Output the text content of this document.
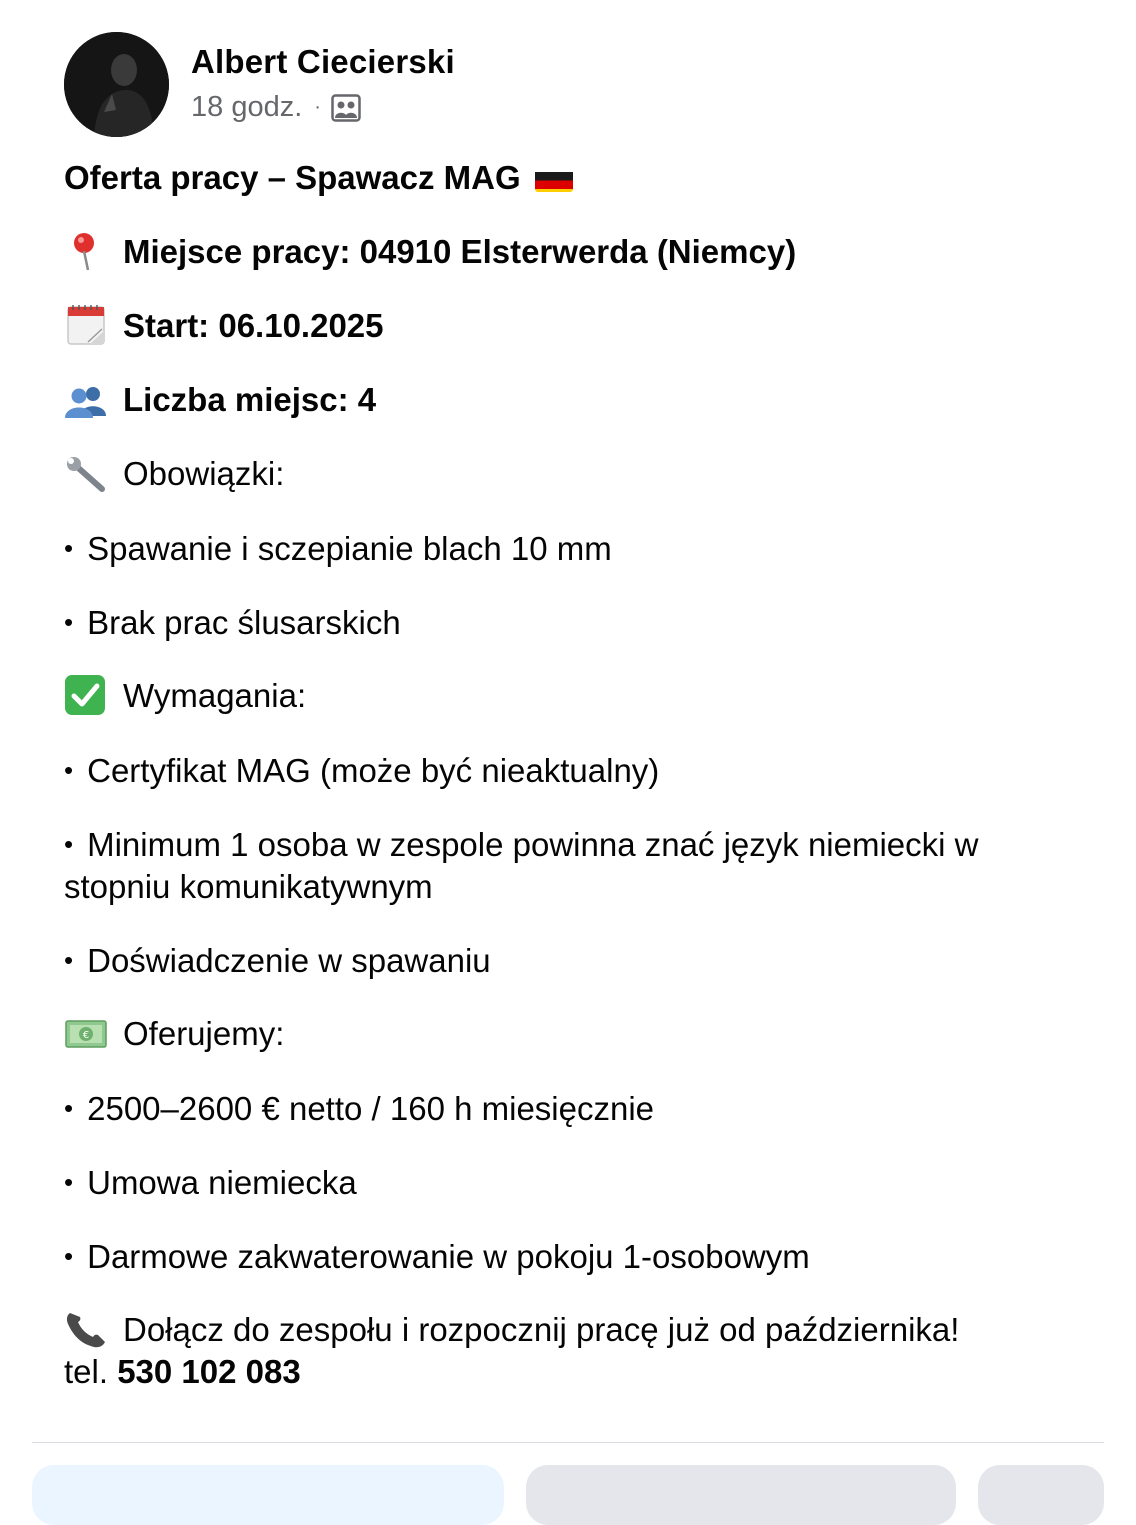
Albert Ciecierski
18 godz. ·
Oferta pracy – Spawacz MAG
Miejsce pracy: 04910 Elsterwerda (Niemcy)
Start: 06.10.2025
Liczba miejsc: 4
Obowiązki:
• Spawanie i sczepianie blach 10 mm
• Brak prac ślusarskich
Wymagania:
• Certyfikat MAG (może być nieaktualny)
• Minimum 1 osoba w zespole powinna znać język niemiecki w stopniu komunikatywnym
• Doświadczenie w spawaniu
€ Oferujemy:
• 2500–2600 € netto / 160 h miesięcznie
• Umowa niemiecka
• Darmowe zakwaterowanie w pokoju 1-osobowym
Dołącz do zespołu i rozpocznij pracę już od października!
tel. 530 102 083
